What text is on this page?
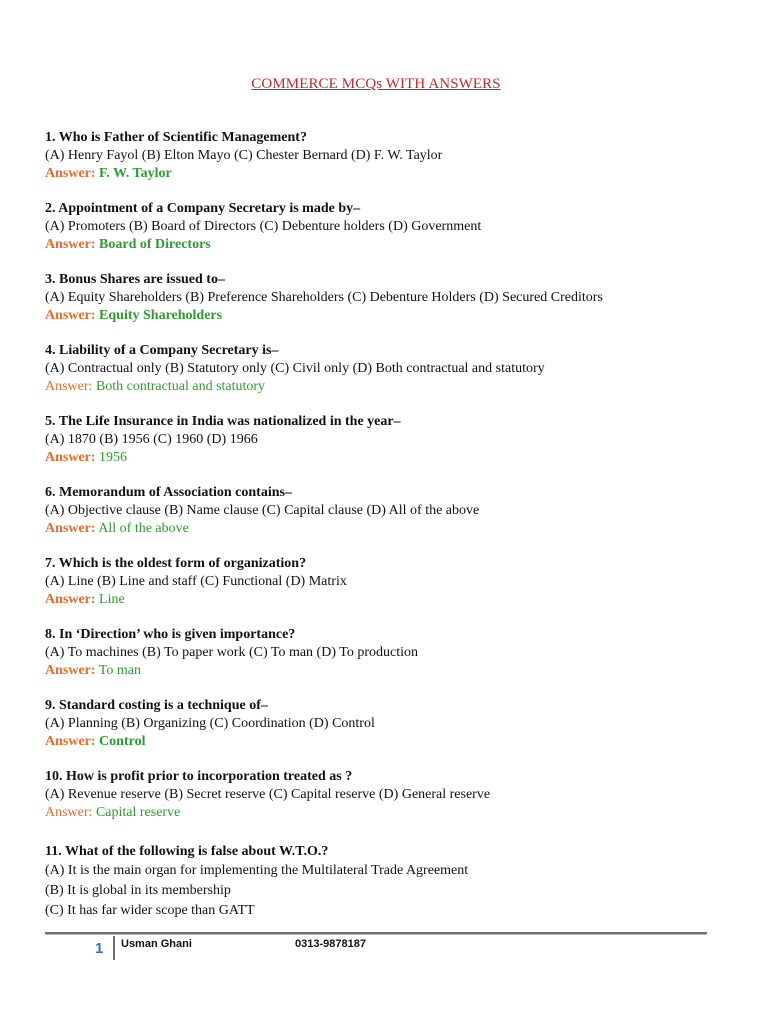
COMMERCE MCQs WITH ANSWERS
1. Who is Father of Scientific Management?
(A) Henry Fayol (B) Elton Mayo (C) Chester Bernard (D) F. W. Taylor
Answer: F. W. Taylor
2. Appointment of a Company Secretary is made by–
(A) Promoters (B) Board of Directors (C) Debenture holders (D) Government
Answer: Board of Directors
3. Bonus Shares are issued to–
(A) Equity Shareholders (B) Preference Shareholders (C) Debenture Holders (D) Secured Creditors
Answer: Equity Shareholders
4. Liability of a Company Secretary is–
(A) Contractual only (B) Statutory only (C) Civil only (D) Both contractual and statutory
Answer: Both contractual and statutory
5. The Life Insurance in India was nationalized in the year–
(A) 1870 (B) 1956 (C) 1960 (D) 1966
Answer: 1956
6. Memorandum of Association contains–
(A) Objective clause (B) Name clause (C) Capital clause (D) All of the above
Answer: All of the above
7. Which is the oldest form of organization?
(A) Line (B) Line and staff (C) Functional (D) Matrix
Answer: Line
8. In ‘Direction’ who is given importance?
(A) To machines (B) To paper work (C) To man (D) To production
Answer: To man
9. Standard costing is a technique of–
(A) Planning (B) Organizing (C) Coordination (D) Control
Answer: Control
10. How is profit prior to incorporation treated as ?
(A) Revenue reserve (B) Secret reserve (C) Capital reserve (D) General reserve
Answer: Capital reserve
11. What of the following is false about W.T.O.?
(A) It is the main organ for implementing the Multilateral Trade Agreement
(B) It is global in its membership
(C) It has far wider scope than GATT
1 Usman Ghani	0313-9878187
